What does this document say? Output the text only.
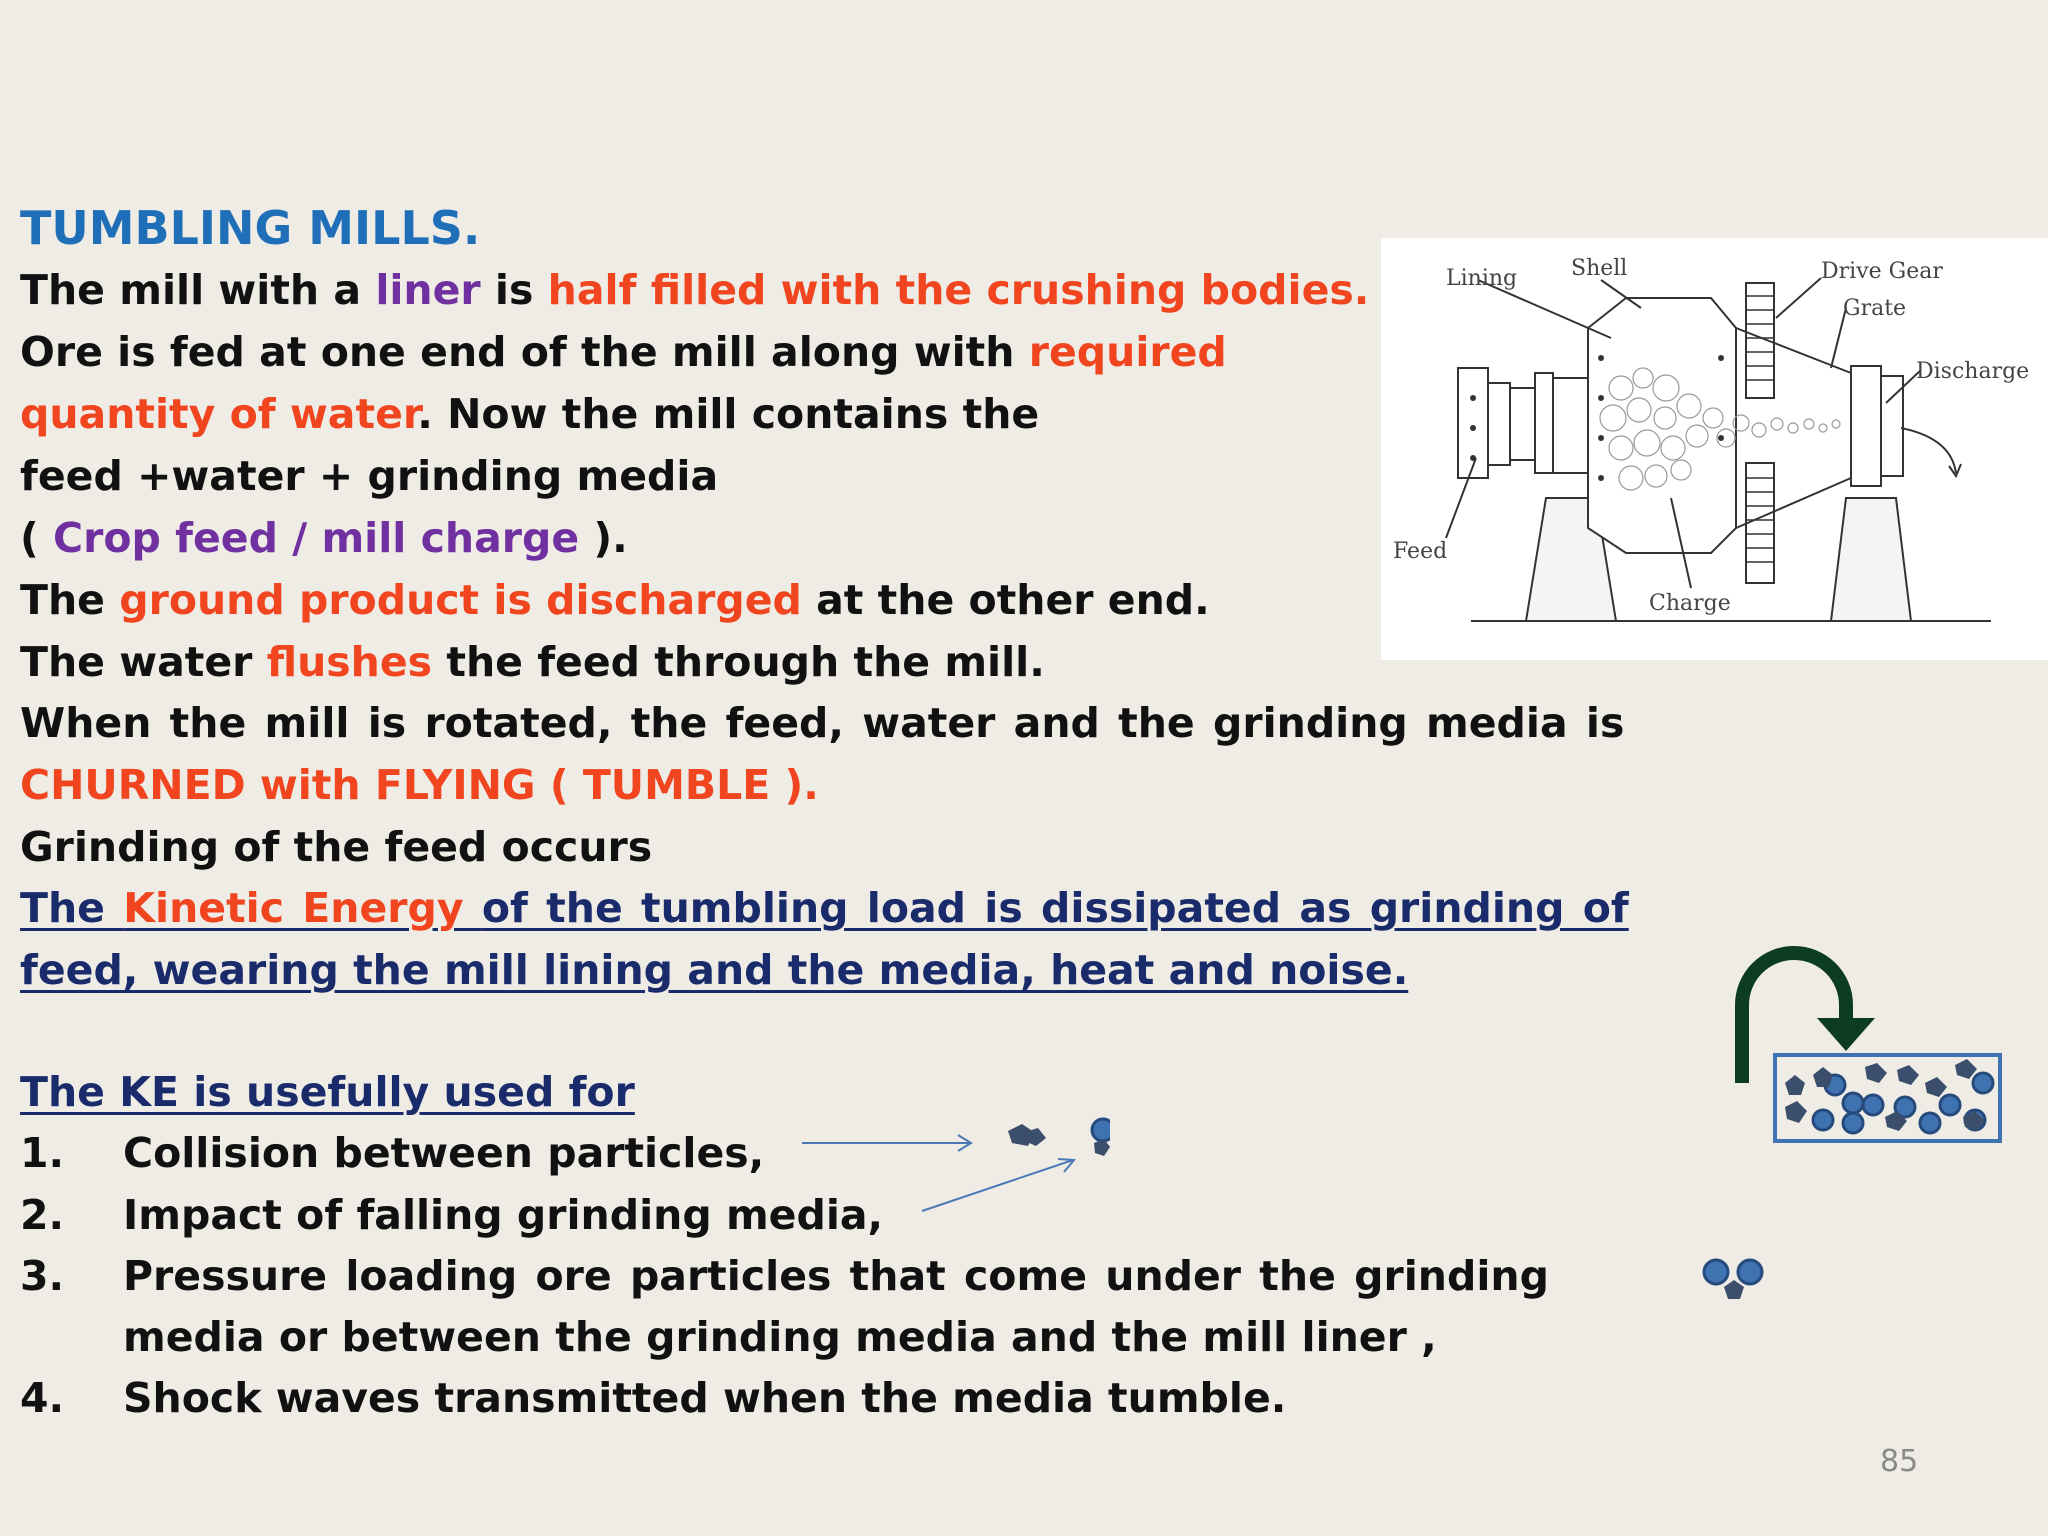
TUMBLING MILLS.
The mill with a liner is half filled with the crushing bodies.
Ore is fed at one end of the mill along with required
quantity of water. Now the mill contains the
feed +water + grinding media
( Crop feed / mill charge ).
The ground product is discharged at the other end.
The water flushes the feed through the mill.
When the mill is rotated, the feed, water and the grinding media is
CHURNED with FLYING ( TUMBLE ).
Grinding of the feed occurs
The Kinetic Energy of the tumbling load is dissipated as grinding of
feed, wearing the mill lining and the media, heat and noise.
The KE is usefully used for
1. Collision between particles,
2. Impact of falling grinding media,
3. Pressure loading ore particles that come under the grinding
media or between the grinding media and the mill liner ,
4. Shock waves transmitted when the media tumble.
85
Lining Shell	Drive Gear
Grate
Discharge
Feed
Charge
